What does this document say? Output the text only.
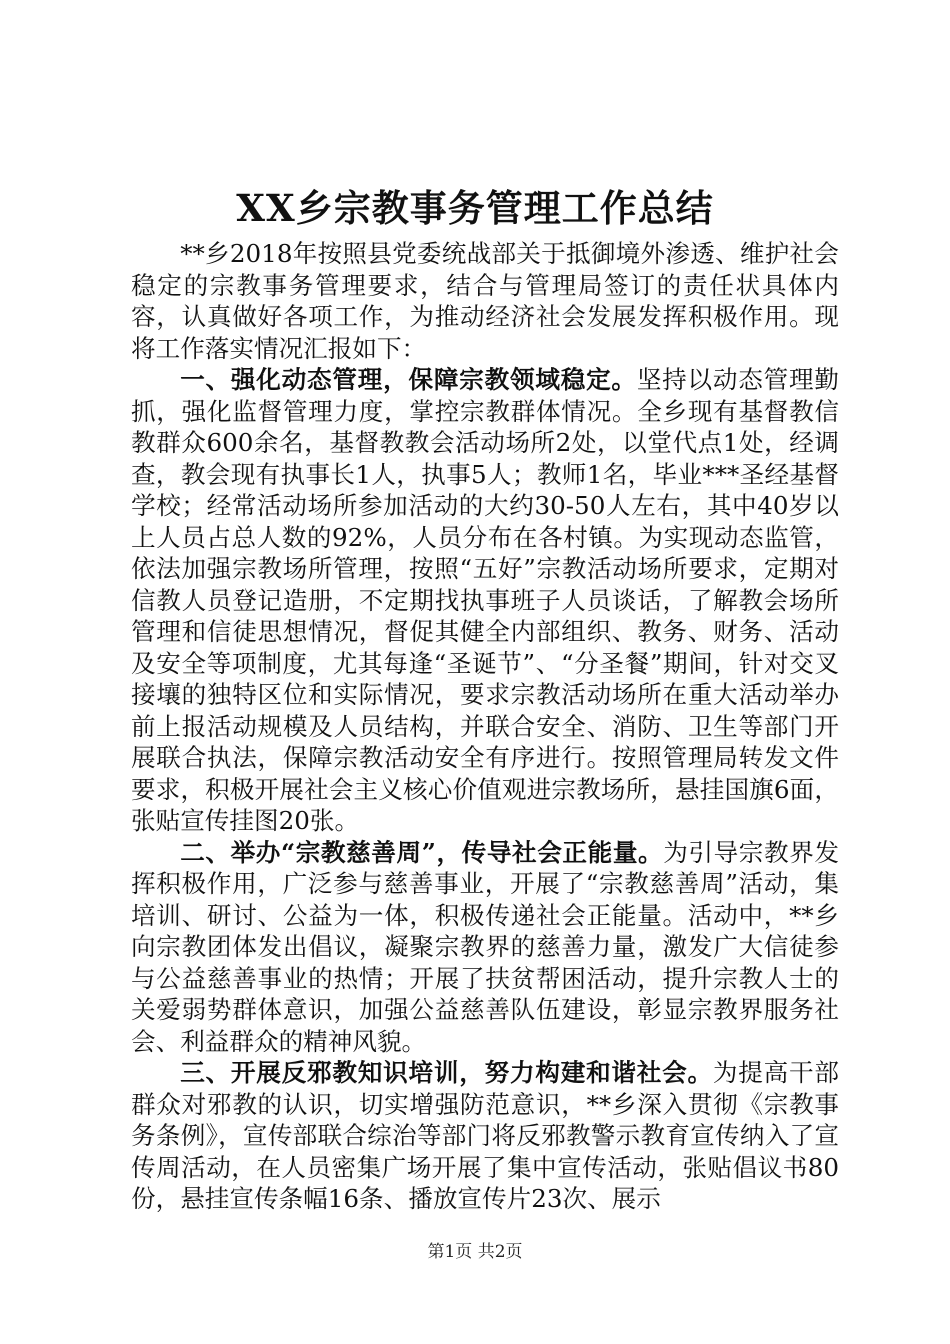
XX乡宗教事务管理工作总结

**乡2018年按照县党委统战部关于抵御境外渗透、维护社会稳定的宗教事务管理要求，结合与管理局签订的责任状具体内容，认真做好各项工作，为推动经济社会发展发挥积极作用。现将工作落实情况汇报如下：

一、强化动态管理，保障宗教领域稳定。坚持以动态管理勤抓，强化监督管理力度，掌控宗教群体情况。全乡现有基督教信教群众600余名，基督教教会活动场所2处，以堂代点1处，经调查，教会现有执事长1人，执事5人；教师1名，毕业***圣经基督学校；经常活动场所参加活动的大约30-50人左右，其中40岁以上人员占总人数的92%，人员分布在各村镇。为实现动态监管，依法加强宗教场所管理，按照“五好”宗教活动场所要求，定期对信教人员登记造册，不定期找执事班子人员谈话，了解教会场所管理和信徒思想情况，督促其健全内部组织、教务、财务、活动及安全等项制度，尤其每逢“圣诞节”、“分圣餐”期间，针对交叉接壤的独特区位和实际情况，要求宗教活动场所在重大活动举办前上报活动规模及人员结构，并联合安全、消防、卫生等部门开展联合执法，保障宗教活动安全有序进行。按照管理局转发文件要求，积极开展社会主义核心价值观进宗教场所，悬挂国旗6面，张贴宣传挂图20张。

二、举办“宗教慈善周”，传导社会正能量。为引导宗教界发挥积极作用，广泛参与慈善事业，开展了“宗教慈善周”活动，集培训、研讨、公益为一体，积极传递社会正能量。活动中，**乡向宗教团体发出倡议，凝聚宗教界的慈善力量，激发广大信徒参与公益慈善事业的热情；开展了扶贫帮困活动，提升宗教人士的关爱弱势群体意识，加强公益慈善队伍建设，彰显宗教界服务社会、利益群众的精神风貌。

三、开展反邪教知识培训，努力构建和谐社会。为提高干部群众对邪教的认识，切实增强防范意识，**乡深入贯彻《宗教事务条例》，宣传部联合综治等部门将反邪教警示教育宣传纳入了宣传周活动，在人员密集广场开展了集中宣传活动，张贴倡议书80份，悬挂宣传条幅16条、播放宣传片23次、展示

第1页 共2页
